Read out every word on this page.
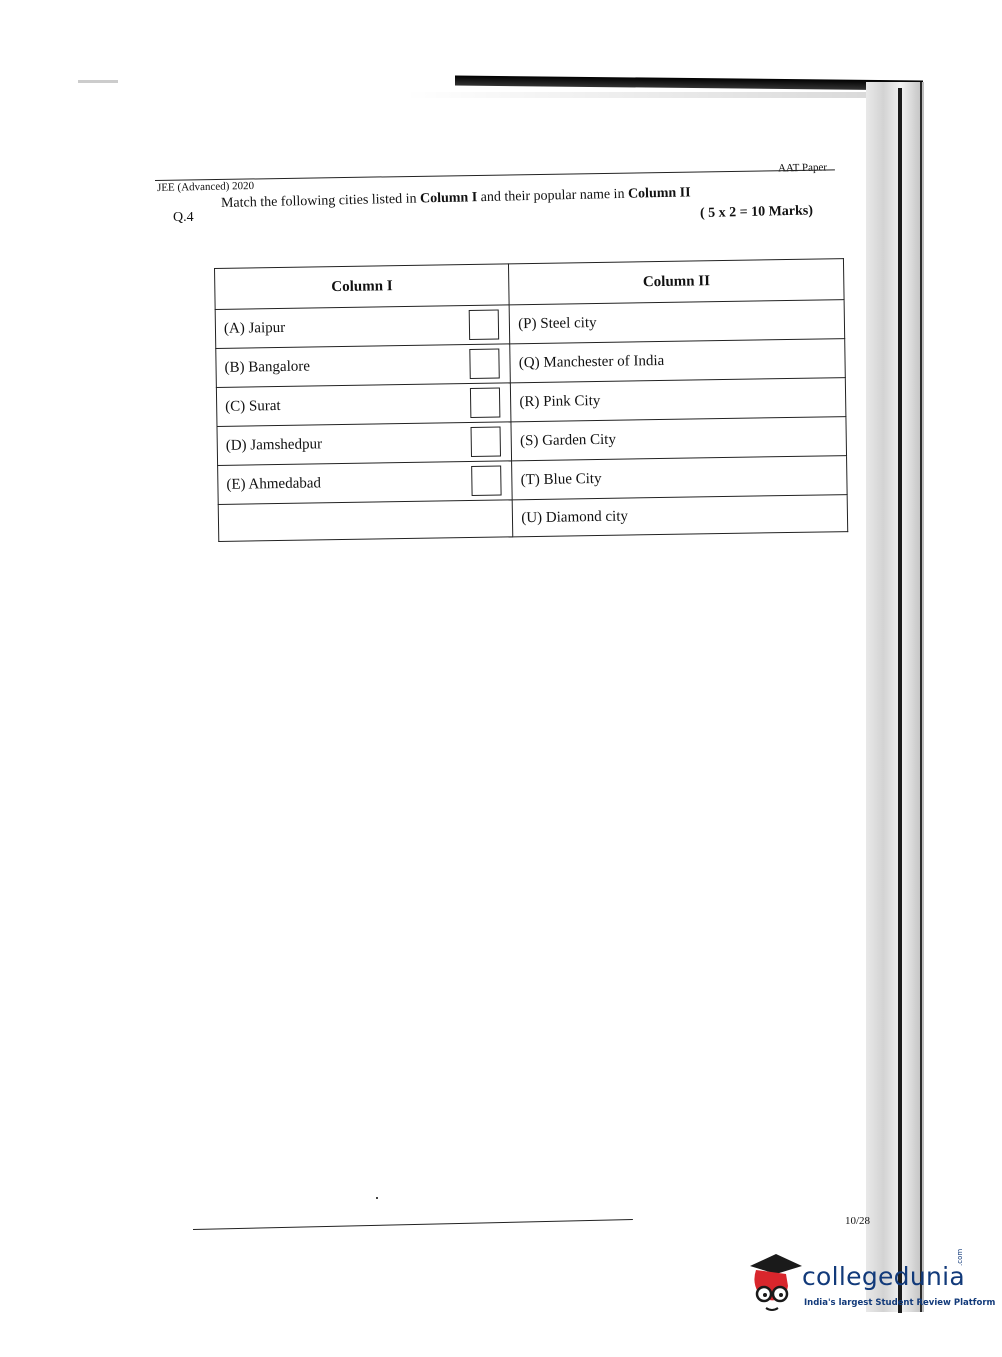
AAT Paper
JEE (Advanced) 2020
Q.4
Match the following cities listed in Column I and their popular name in Column II
( 5 x 2 = 10 Marks)
Column I	Column II
(A) Jaipur	(P) Steel city
(B) Bangalore	(Q) Manchester of India
(C) Surat	(R) Pink City
(D) Jamshedpur	(S) Garden City
(E) Ahmedabad	(T) Blue City
	(U) Diamond city
10/28
collegedunia
.com
India's largest Student Review Platform
